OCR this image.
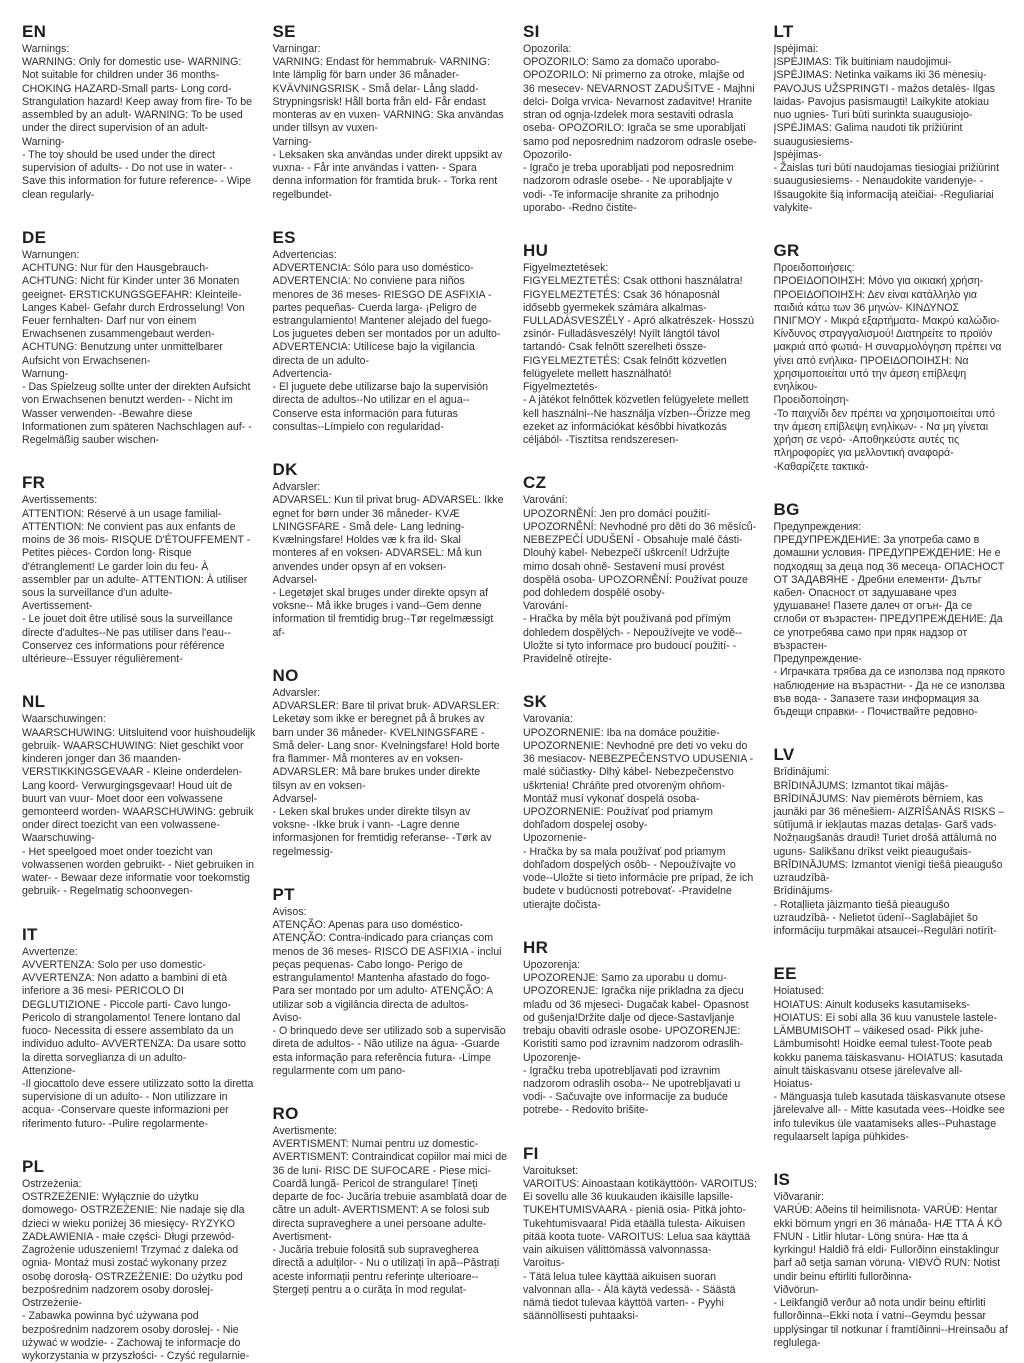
EN

Warnings:

WARNING: Only for domestic use- WARNING: Not suitable for children under 36 months- CHOKING HAZARD-Small parts- Long cord- Strangulation hazard! Keep away from fire- To be assembled by an adult- WARNING: To be used under the direct supervision of an adult-

Warning-

- The toy should be used under the direct supervision of adults- - Do not use in water- - Save this information for future reference- - Wipe clean regularly-

DE

Warnungen:

ACHTUNG: Nur für den Hausgebrauch- ACHTUNG: Nicht für Kinder unter 36 Monaten geeignet- ERSTICKUNGSGEFAHR: Kleinteile- Langes Kabel- Gefahr durch Erdrosselung! Von Feuer fernhalten- Darf nur von einem Erwachsenen zusammengebaut werden- ACHTUNG: Benutzung unter unmittelbarer Aufsicht von Erwachsenen-

Warnung-

- Das Spielzeug sollte unter der direkten Aufsicht von Erwachsenen benutzt werden- - Nicht im Wasser verwenden- -Bewahre diese Informationen zum späteren Nachschlagen auf- -Regelmäßig sauber wischen-

FR

Avertissements:

ATTENTION: Réservé à un usage familial- ATTENTION: Ne convient pas aux enfants de moins de 36 mois- RISQUE D'ÉTOUFFEMENT - Petites pièces- Cordon long- Risque d'étranglement! Le garder loin du feu- À assembler par un adulte- ATTENTION: À utiliser sous la surveillance d'un adulte-

Avertissement-

- Le jouet doit être utilisé sous la surveillance directe d'adultes--Ne pas utiliser dans l'eau--Conservez ces informations pour référence ultérieure--Essuyer régulièrement-

NL

Waarschuwingen:

WAARSCHUWING: Uitsluitend voor huishoudelijk gebruik- WAARSCHUWING: Niet geschikt voor kinderen jonger dan 36 maanden- VERSTIKKINGSGEVAAR - Kleine onderdelen- Lang koord- Verwurgingsgevaar! Houd uit de buurt van vuur- Moet door een volwassene gemonteerd worden- WAARSCHUWING: gebruik onder direct toezicht van een volwassene-

Waarschuwing-

- Het speelgoed moet onder toezicht van volwassenen worden gebruikt- - Niet gebruiken in water- - Bewaar deze informatie voor toekomstig gebruik- - Regelmatig schoonvegen-

IT

Avvertenze:

AVVERTENZA: Solo per uso domestic- AVVERTENZA: Non adatto a bambini di età inferiore a 36 mesi- PERICOLO DI DEGLUTIZIONE - Piccole parti- Cavo lungo- Pericolo di strangolamento! Tenere lontano dal fuoco- Necessita di essere assemblato da un individuo adulto- AVVERTENZA: Da usare sotto la diretta sorveglianza di un adulto-

Attenzione-

-Il giocattolo deve essere utilizzato sotto la diretta supervisione di un adulto- - Non utilizzare in acqua- -Conservare queste informazioni per riferimento futuro- -Pulire regolarmente-

PL

Ostrzeżenia:

OSTRZEŻENIE: Wyłącznie do użytku domowego- OSTRZEŻENIE: Nie nadaje się dla dzieci w wieku poniżej 36 miesięcy- RYZYKO ZADŁAWIENIA - małe części- Długi przewód- Zagrożenie uduszeniem! Trzymać z daleka od ognia- Montaż musi zostać wykonany przez osobę dorosłą- OSTRZEŻENIE: Do użytku pod bezpośrednim nadzorem osoby dorosłej-

Ostrzeżenie-

- Zabawka powinna być używana pod bezpośrednim nadzorem osoby dorosłej- - Nie używać w wodzie- - Zachowaj te informacje do wykorzystania w przyszłości- - Czyść regularnie-

SE

Varningar:

VARNING: Endast för hemmabruk- VARNING: Inte lämplig för barn under 36 månader- KVÄVNINGSRISK - Små delar- Lång sladd- Strypningsrisk! Håll borta från eld- Får endast monteras av en vuxen- VARNING: Ska användas under tillsyn av vuxen-

Varning-

- Leksaken ska användas under direkt uppsikt av vuxna- - Får inte användas i vatten- - Spara denna information för framtida bruk- - Torka rent regelbundet-

ES

Advertencias:

ADVERTENCIA: Sólo para uso doméstico- ADVERTENCIA: No conviene para niños menores de 36 meses- RIESGO DE ASFIXIA - partes pequeñas- Cuerda larga- ¡Peligro de estrangulamiento! Mantener alejado del fuego- Los juguetes deben ser montados por un adulto- ADVERTENCIA: Utilícese bajo la vigilancia directa de un adulto-

Advertencia-

- El juguete debe utilizarse bajo la supervisión directa de adultos--No utilizar en el agua--Conserve esta información para futuras consultas--Límpielo con regularidad-

DK

Advarsler:

ADVARSEL: Kun til privat brug- ADVARSEL: Ikke egnet for børn under 36 måneder- KVÆ LNINGSFARE - Små dele- Lang ledning- Kvælningsfare! Holdes væ k fra ild- Skal monteres af en voksen- ADVARSEL: Må kun anvendes under opsyn af en voksen-

Advarsel-

- Legetøjet skal bruges under direkte opsyn af voksne-- Må ikke bruges i vand--Gem denne information til fremtidig brug--Tør regelmæssigt af-

NO

Advarsler:

ADVARSLER: Bare til privat bruk- ADVARSLER: Leketøy som ikke er beregnet på å brukes av barn under 36 måneder- KVELNINGSFARE - Små deler- Lang snor- Kvelningsfare! Hold borte fra flammer- Må monteres av en voksen- ADVARSLER: Må bare brukes under direkte tilsyn av en voksen-

Advarsel-

- Leken skal brukes under direkte tilsyn av voksne- -Ikke bruk i vann- -Lagre denne informasjonen for fremtidig referanse- -Tørk av regelmessig-

PT

Avisos:

ATENÇÃO: Apenas para uso doméstico- ATENÇÃO: Contra-indicado para crianças com menos de 36 meses- RISCO DE ASFIXIA - inclui peças pequenas- Cabo longo- Perigo de estrangulamento! Mantenha afastado do fogo- Para ser montado por um adulto- ATENÇÃO: A utilizar sob a vigilância directa de adultos-

Aviso-

- O brinquedo deve ser utilizado sob a supervisão direta de adultos- - Não utilize na água- -Guarde esta informação para referência futura- -Limpe regularmente com um pano-

RO

Avertismente:

AVERTISMENT: Numai pentru uz domestic- AVERTISMENT: Contraindicat copiilor mai mici de 36 de luni- RISC DE SUFOCARE - Piese mici- Coardă lungă- Pericol de strangulare! Țineți departe de foc- Jucăria trebuie asamblată doar de către un adult- AVERTISMENT: A se folosi sub directa supraveghere a unei persoane adulte-

Avertisment-

- Jucăria trebuie folosită sub supravegherea directă a adulților- - Nu o utilizați în apă--Păstrați aceste informații pentru referințe ulterioare--Ștergeți pentru a o curăța în mod regulat-

SI

Opozorila:

OPOZORILO: Samo za domačo uporabo- OPOZORILO: Ni primerno za otroke, mlajše od 36 mesecev- NEVARNOST ZADUŠITVE - Majhni delci- Dolga vrvica- Nevarnost zadavitve! Hranite stran od ognja-Izdelek mora sestaviti odrasla oseba- OPOZORILO: Igrača se sme uporabljati samo pod neposrednim nadzorom odrasle osebe-

Opozorilo-

- Igračo je treba uporabljati pod neposrednim nadzorom odrasle osebe- - Ne uporabljajte v vodi- -Te informacije shranite za prihodnjo uporabo- -Redno čistite-

HU

Figyelmeztetések:

FIGYELMEZTETÉS: Csak otthoni használatra! FIGYELMEZTETÉS: Csak 36 hónaposnál idősebb gyermekek számára alkalmas- FULLADÁSVESZÉLY - Apró alkatrészek- Hosszú zsinór- Fulladásveszély! Nyílt lángtól távol tartandó- Csak felnőtt szerelheti össze- FIGYELMEZTETÉS: Csak felnőtt közvetlen felügyelete mellett használható!

Figyelmeztetés-

- A játékot felnőttek közvetlen felügyelete mellett kell használni--Ne használja vízben--Őrizze meg ezeket az információkat későbbi hivatkozás céljából- -Tisztítsa rendszeresen-

CZ

Varování:

UPOZORNĚNÍ: Jen pro domácí použití- UPOZORNĚNÍ: Nevhodné pro děti do 36 měsíců- NEBEZPEČÍ UDUŠENÍ - Obsahuje malé části- Dlouhý kabel- Nebezpečí uškrcení! Udržujte mimo dosah ohně- Sestavení musí provést dospělá osoba- UPOZORNĚNÍ: Používat pouze pod dohledem dospělé osoby-

Varování-

- Hračka by měla být používaná pod přímým dohledem dospělých- - Nepoužívejte ve vodě--Uložte si tyto informace pro budoucí použití- -Pravidelně otírejte-

SK

Varovania:

UPOZORNENIE: Iba na domáce použitie- UPOZORNENIE: Nevhodné pre deti vo veku do 36 mesiacov- NEBEZPEČENSTVO UDUSENIA - malé súčiastky- Dlhý kábel- Nebezpečenstvo uškrtenia! Chráňte pred otvoreným ohňom- Montáž musí vykonať dospelá osoba- UPOZORNENIE: Používať pod priamym dohľadom dospelej osoby-

Upozornenie-

- Hračka by sa mala používať pod priamym dohľadom dospelých osôb- - Nepoužívajte vo vode--Uložte si tieto informácie pre prípad, že ich budete v budúcnosti potrebovať- -Pravidelne utierajte dočista-

HR

Upozorenja:

UPOZORENJE: Samo za uporabu u domu-UPOZORENJE: Igračka nije prikladna za djecu mlađu od 36 mjeseci- Dugačak kabel- Opasnost od gušenja!Držite dalje od djece-Sastavljanje trebaju obaviti odrasle osobe- UPOZORENJE: Koristiti samo pod izravnim nadzorom odraslih-

Upozorenje-

- Igračku treba upotrebljavati pod izravnim nadzorom odraslih osoba-- Ne upotrebljavati u vodi- - Sačuvajte ove informacije za buduće potrebe- - Redovito brišite-

FI

Varoitukset:

VAROITUS: Ainoastaan kotikäyttöön- VAROITUS: Ei sovellu alle 36 kuukauden ikäisille lapsille- TUKEHTUMISVAARA - pieniä osia- Pitkä johto- Tukehtumisvaara! Pidä etäällä tulesta- Aikuisen pitää koota tuote- VAROITUS: Lelua saa käyttää vain aikuisen välittömässä valvonnassa-

Varoitus-

- Tätä lelua tulee käyttää aikuisen suoran valvonnan alla- - Älä käytä vedessä- - Säästä nämä tiedot tulevaa käyttöä varten- - Pyyhi säännöllisesti puhtaaksi-

LT

Įspėjimai:

ĮSPĖJIMAS: Tik buitiniam naudojimui- ĮSPĖJIMAS: Netinka vaikams iki 36 mėnesių- PAVOJUS UŽSPRINGTI - mažos detalės- Ilgas laidas- Pavojus pasismaugti! Laikykite atokiau nuo ugnies- Turi būti surinkta suaugusiojo- ĮSPĖJIMAS: Galima naudoti tik prižiūrint suaugusiesiems-

Įspėjimas-

- Žaislas turi būti naudojamas tiesiogiai prižiūrint suaugusiesiems- - Nenaudokite vandenyje- -Išsaugokite šią informaciją ateičiai- -Reguliariai valykite-

GR

Προειδοποιήσεις:

ΠΡΟΕΙΔΟΠΟΙΗΣΗ: Μόνο για οικιακή χρήση- ΠΡΟΕΙΔΟΠΟΙΗΣΗ: Δεν είναι κατάλληλο για παιδιά κάτω των 36 μηνών- ΚΙΝΔΥΝΟΣ ΠΝΙΓΜΟΥ - Μικρά εξαρτήματα- Μακρύ καλώδιο- Κίνδυνος στραγγαλισμού! Διατηρείτε το προϊόν μακριά από φωτιά- Η συναρμολόγηση πρέπει να γίνει από ενήλικα- ΠΡΟΕΙΔΟΠΟΙΗΣΗ: Να χρησιμοποιείται υπό την άμεση επίβλεψη ενηλίκου-

Προειδοποίηση-

-Το παιχνίδι δεν πρέπει να χρησιμοποιείται υπό την άμεση επίβλεψη ενηλίκων- - Να μη γίνεται χρήση σε νερό- -Αποθηκεύστε αυτές τις πληροφορίες για μελλοντική αναφορά- -Καθαρίζετε τακτικά-

BG

Предупреждения:

ПРЕДУПРЕЖДЕНИЕ: За употреба само в домашни условия- ПРЕДУПРЕЖДЕНИЕ: Не е подходящ за деца под 36 месеца- ОПАСНОСТ ОТ ЗАДАВЯНЕ - Дребни елементи- Дълъг кабел- Опасност от задушаване чрез удушаване! Пазете далеч от огън- Да се сглоби от възрастен- ПРЕДУПРЕЖДЕНИЕ: Да се употребява само при пряк надзор от възрастен-

Предупреждение-

- Играчката трябва да се използва под прякото наблюдение на възрастни- - Да не се използва във вода- - Запазете тази информация за бъдещи справки- - Почиствайте редовно-

LV

Brīdinājumi:

BRĪDINĀJUMS: Izmantot tikai mājās- BRĪDINĀJUMS: Nav piemērots bērniem, kas jaunāki par 36 mēnešiem- AIZRĪŠANĀS RISKS – sūtījumā ir iekļautas mazas detaļas- Garš vads- Nožņaugšanās draudi! Turiet drošā attālumā no uguns- Salikšanu drīkst veikt pieaugušais- BRĪDINĀJUMS: Izmantot vienīgi tiešā pieaugušo uzraudzībā-

Brīdinājums-

- Rotaļlieta jāizmanto tiešā pieaugušo uzraudzībā- - Nelietot ūdenī--Saglabājiet šo informāciju turpmākai atsaucei--Regulāri notīrīt-

EE

Hoiatused:

HOIATUS: Ainult koduseks kasutamiseks- HOIATUS: Ei sobi alla 36 kuu vanustele lastele- LÄMBUMISOHT – väikesed osad- Pikk juhe- Lämbumisoht! Hoidke eemal tulest-Toote peab kokku panema täiskasvanu- HOIATUS: kasutada ainult täiskasvanu otsese järelevalve all-

Hoiatus-

- Mänguasja tuleb kasutada täiskasvanute otsese järelevalve all- - Mitte kasutada vees--Hoidke see info tulevikus üle vaatamiseks alles--Puhastage regulaarselt lapiga pühkides-

IS

Viðvaranir:

VARÚÐ: Aðeins til heimilisnota- VARÚÐ: Hentar ekki börnum yngri en 36 mánaða- HÆ TTA Á KÖ FNUN - Litlir hlutar- Löng snúra- Hæ tta á kyrkingu! Haldið frá eldi- Fullorðinn einstaklingur þarf að setja saman vöruna- VIÐVÖ RUN: Notist undir beinu eftirliti fullorðinna-

Viðvörun-

- Leikfangið verður að nota undir beinu eftirliti fullorðinna--Ekki nota í vatni--Geymdu þessar upplýsingar til notkunar í framtíðinni--Hreinsaðu af reglulega-
